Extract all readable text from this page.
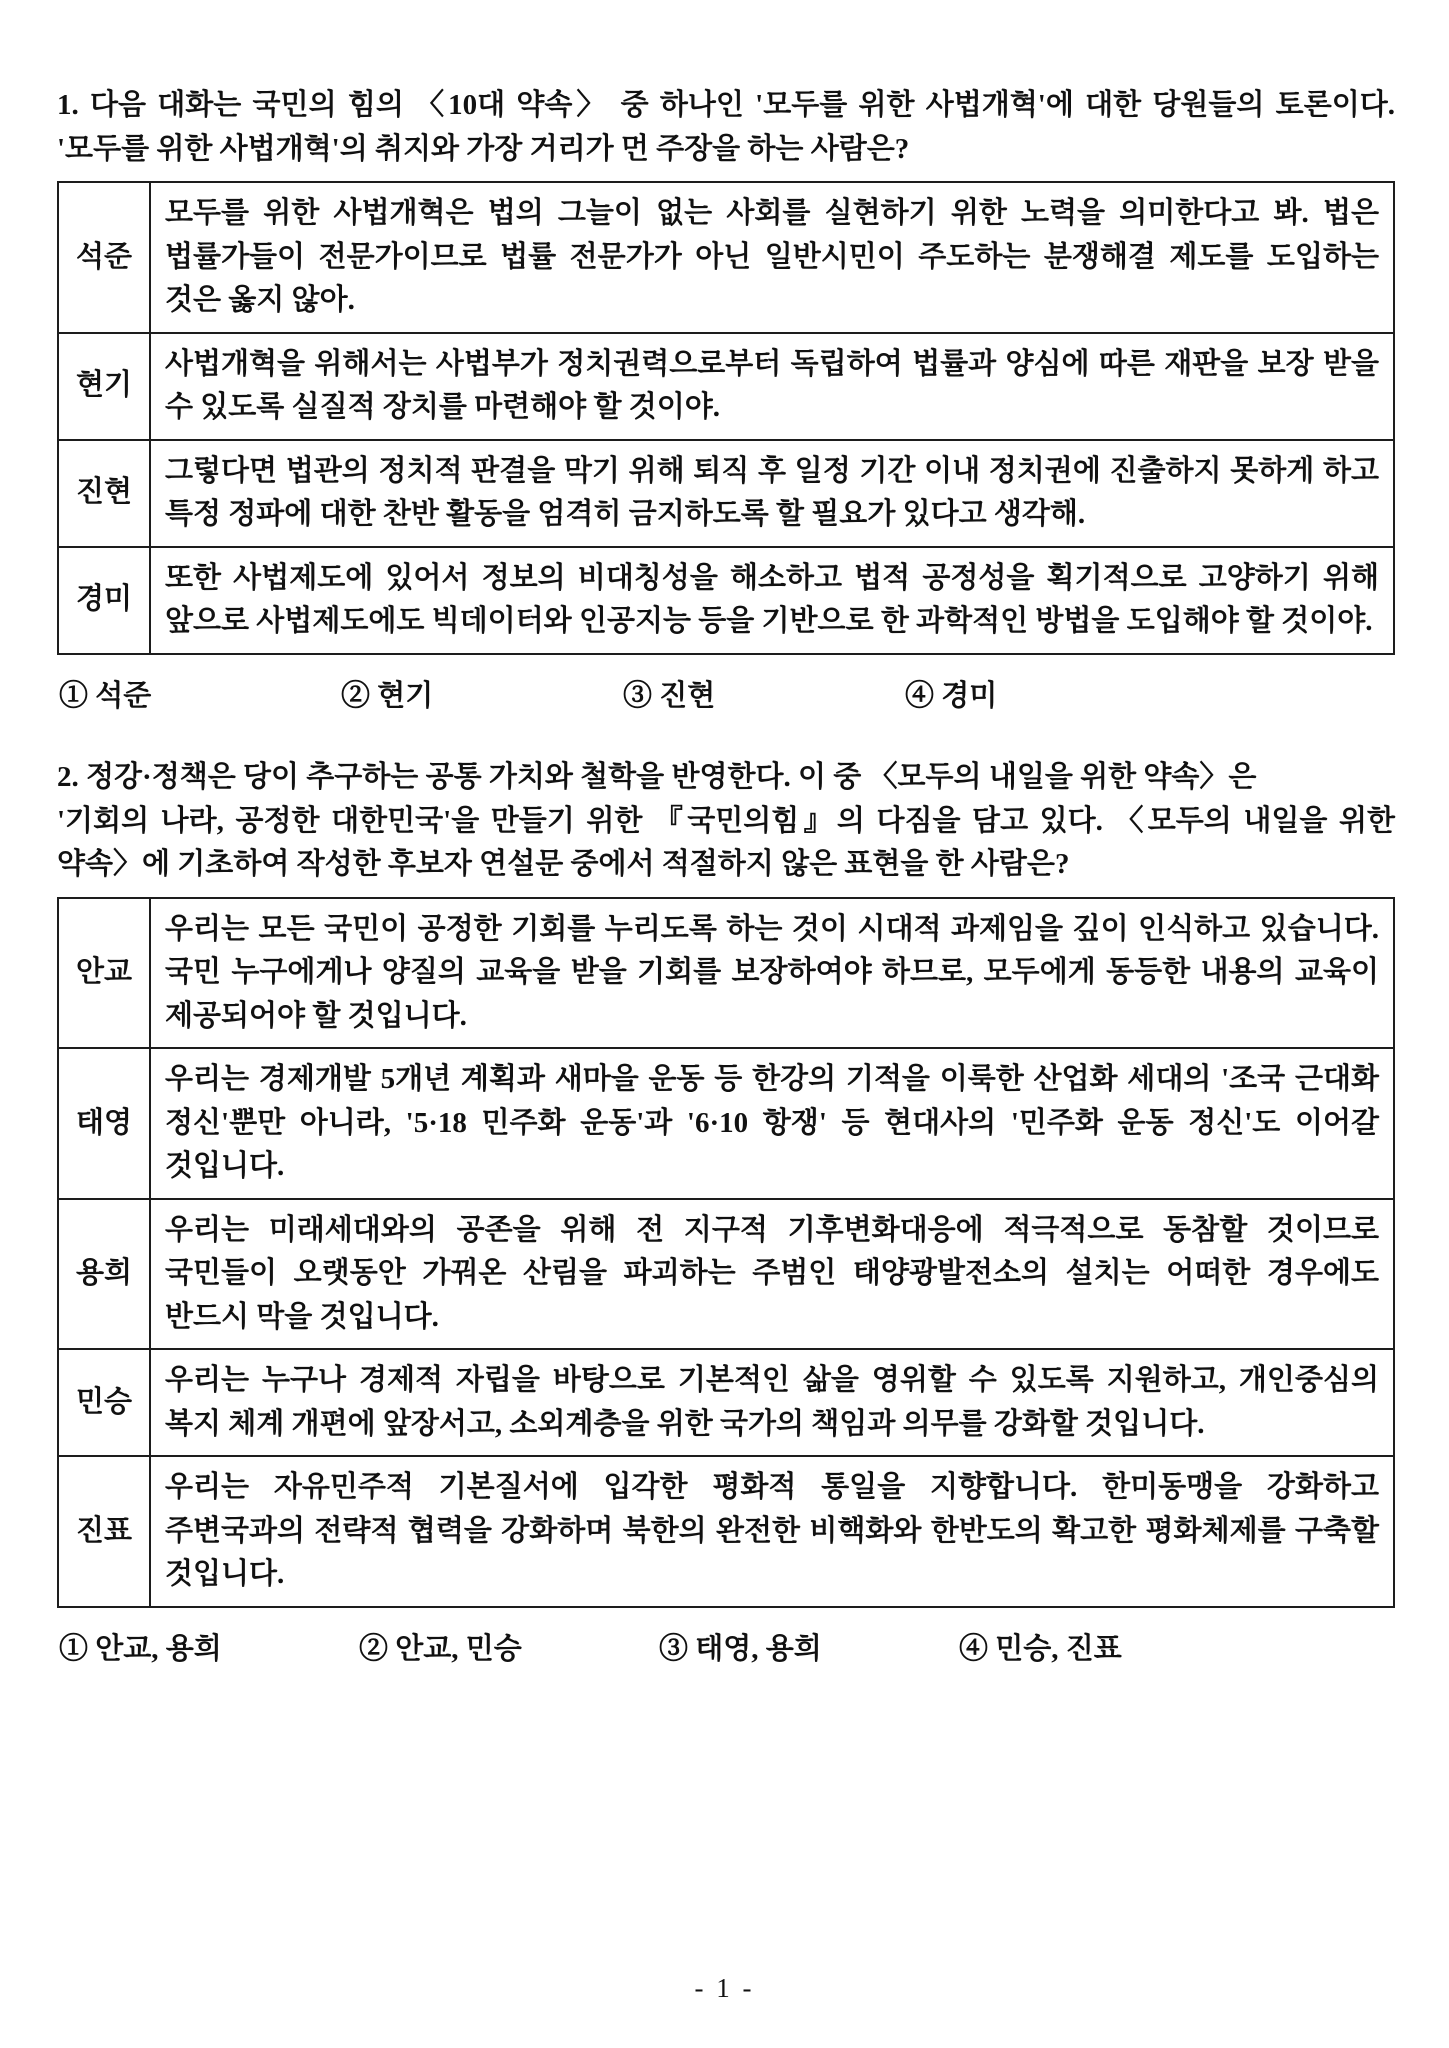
1. 다음 대화는 국민의 힘의 〈10대 약속〉 중 하나인 '모두를 위한 사법개혁'에 대한 당원들의 토론이다.
'모두를 위한 사법개혁'의 취지와 가장 거리가 먼 주장을 하는 사람은?
석준	모두를 위한 사법개혁은 법의 그늘이 없는 사회를 실현하기 위한 노력을 의미한다고 봐. 법은 법률가들이 전문가이므로 법률 전문가가 아닌 일반시민이 주도하는 분쟁해결 제도를 도입하는 것은 옳지 않아.
현기	사법개혁을 위해서는 사법부가 정치권력으로부터 독립하여 법률과 양심에 따른 재판을 보장 받을 수 있도록 실질적 장치를 마련해야 할 것이야.
진현	그렇다면 법관의 정치적 판결을 막기 위해 퇴직 후 일정 기간 이내 정치권에 진출하지 못하게 하고 특정 정파에 대한 찬반 활동을 엄격히 금지하도록 할 필요가 있다고 생각해.
경미	또한 사법제도에 있어서 정보의 비대칭성을 해소하고 법적 공정성을 획기적으로 고양하기 위해 앞으로 사법제도에도 빅데이터와 인공지능 등을 기반으로 한 과학적인 방법을 도입해야 할 것이야.
① 석준	② 현기	③ 진현	④ 경미
2. 정강·정책은 당이 추구하는 공통 가치와 철학을 반영한다. 이 중 〈모두의 내일을 위한 약속〉은
'기회의 나라, 공정한 대한민국'을 만들기 위한 『국민의힘』의 다짐을 담고 있다. 〈모두의 내일을 위한
약속〉에 기초하여 작성한 후보자 연설문 중에서 적절하지 않은 표현을 한 사람은?
안교	우리는 모든 국민이 공정한 기회를 누리도록 하는 것이 시대적 과제임을 깊이 인식하고 있습니다. 국민 누구에게나 양질의 교육을 받을 기회를 보장하여야 하므로, 모두에게 동등한 내용의 교육이 제공되어야 할 것입니다.
태영	우리는 경제개발 5개년 계획과 새마을 운동 등 한강의 기적을 이룩한 산업화 세대의 '조국 근대화 정신'뿐만 아니라, '5·18 민주화 운동'과 '6·10 항쟁' 등 현대사의 '민주화 운동 정신'도 이어갈 것입니다.
용희	우리는 미래세대와의 공존을 위해 전 지구적 기후변화대응에 적극적으로 동참할 것이므로 국민들이 오랫동안 가꿔온 산림을 파괴하는 주범인 태양광발전소의 설치는 어떠한 경우에도 반드시 막을 것입니다.
민승	우리는 누구나 경제적 자립을 바탕으로 기본적인 삶을 영위할 수 있도록 지원하고, 개인중심의 복지 체계 개편에 앞장서고, 소외계층을 위한 국가의 책임과 의무를 강화할 것입니다.
진표	우리는 자유민주적 기본질서에 입각한 평화적 통일을 지향합니다. 한미동맹을 강화하고 주변국과의 전략적 협력을 강화하며 북한의 완전한 비핵화와 한반도의 확고한 평화체제를 구축할 것입니다.
① 안교, 용희	② 안교, 민승	③ 태영, 용희	④ 민승, 진표
- 1 -
